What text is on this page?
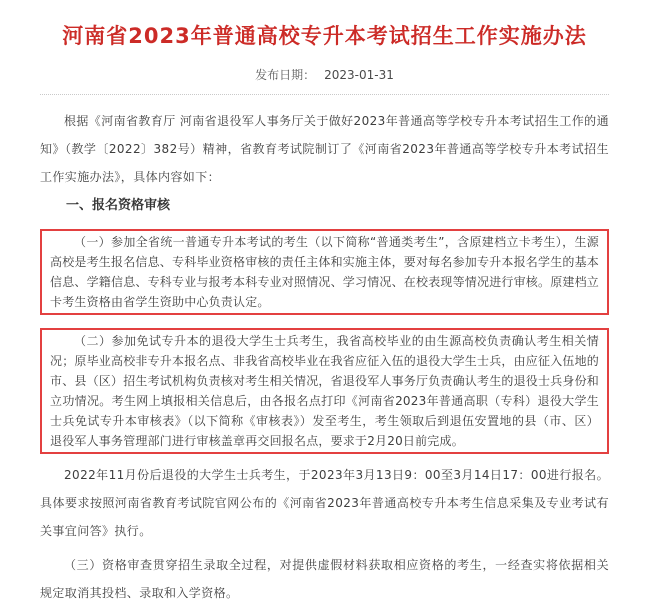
河南省2023年普通高校专升本考试招生工作实施办法
发布日期： 2023-01-31

根据《河南省教育厅 河南省退役军人事务厅关于做好2023年普通高等学校专升本考试招生工作的通知》（教学〔2022〕382号）精神，省教育考试院制订了《河南省2023年普通高等学校专升本考试招生工作实施办法》，具体内容如下：

一、报名资格审核

（一）参加全省统一普通专升本考试的考生（以下简称“普通类考生”，含原建档立卡考生），生源高校是考生报名信息、专科毕业资格审核的责任主体和实施主体，要对每名参加专升本报名学生的基本信息、学籍信息、专科专业与报考本科专业对照情况、学习情况、在校表现等情况进行审核。原建档立卡考生资格由省学生资助中心负责认定。

（二）参加免试专升本的退役大学生士兵考生，我省高校毕业的由生源高校负责确认考生相关情况；原毕业高校非专升本报名点、非我省高校毕业在我省应征入伍的退役大学生士兵，由应征入伍地的市、县（区）招生考试机构负责核对考生相关情况，省退役军人事务厅负责确认考生的退役士兵身份和立功情况。考生网上填报相关信息后，由各报名点打印《河南省2023年普通高职（专科）退役大学生士兵免试专升本审核表》（以下简称《审核表》）发至考生，考生领取后到退伍安置地的县（市、区）退役军人事务管理部门进行审核盖章再交回报名点，要求于2月20日前完成。

2022年11月份后退役的大学生士兵考生，于2023年3月13日9：00至3月14日17：00进行报名。具体要求按照河南省教育考试院官网公布的《河南省2023年普通高校专升本考生信息采集及专业考试有关事宜问答》执行。

（三）资格审查贯穿招生录取全过程，对提供虚假材料获取相应资格的考生，一经查实将依据相关规定取消其投档、录取和入学资格。
